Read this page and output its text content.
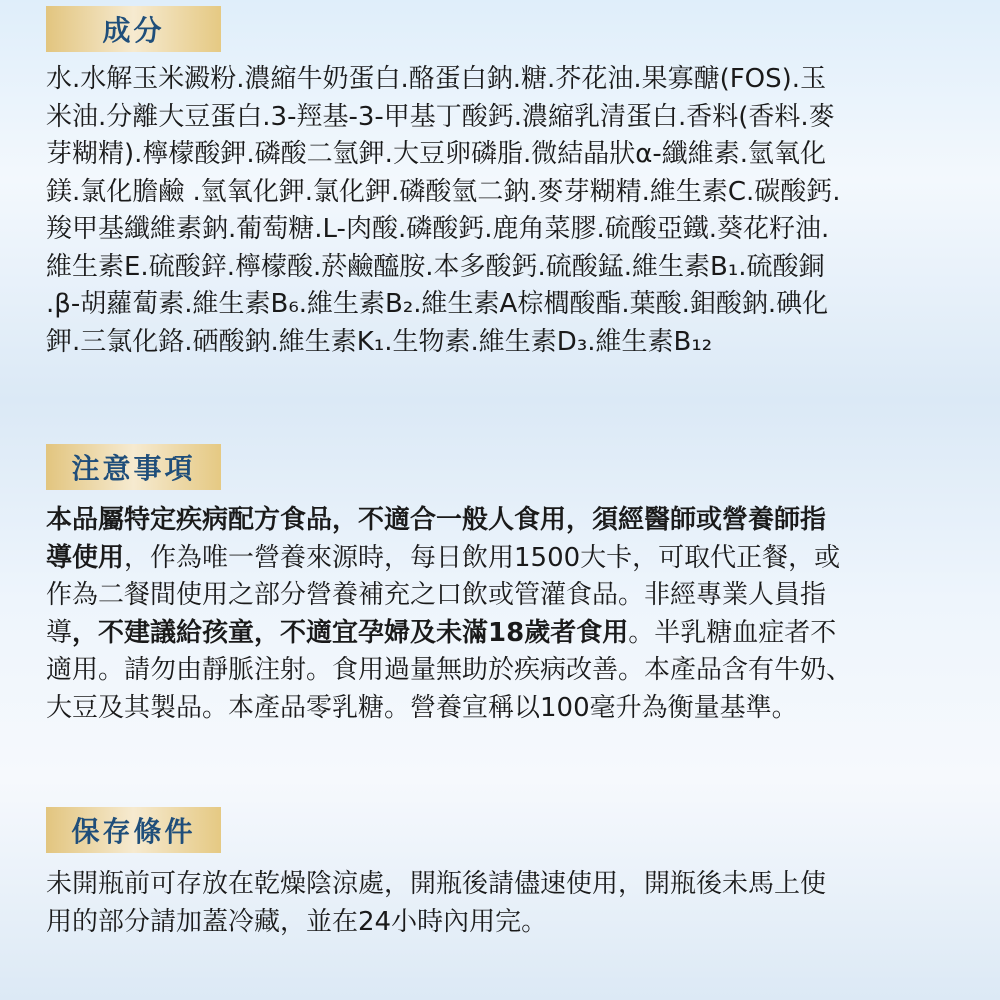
成分
水.水解玉米澱粉.濃縮牛奶蛋白.酪蛋白鈉.糖.芥花油.果寡醣(FOS).玉
米油.分離大豆蛋白.3-羥基-3-甲基丁酸鈣.濃縮乳清蛋白.香料(香料.麥
芽糊精).檸檬酸鉀.磷酸二氫鉀.大豆卵磷脂.微結晶狀α-纖維素.氫氧化
鎂.氯化膽鹼 .氫氧化鉀.氯化鉀.磷酸氫二鈉.麥芽糊精.維生素C.碳酸鈣.
羧甲基纖維素鈉.葡萄糖.L-肉酸.磷酸鈣.鹿角菜膠.硫酸亞鐵.葵花籽油.
維生素E.硫酸鋅.檸檬酸.菸鹼醯胺.本多酸鈣.硫酸錳.維生素B₁.硫酸銅
.β-胡蘿蔔素.維生素B₆.維生素B₂.維生素A棕櫚酸酯.葉酸.鉬酸鈉.碘化
鉀.三氯化鉻.硒酸鈉.維生素K₁.生物素.維生素D₃.維生素B₁₂
注意事項
本品屬特定疾病配方食品，不適合一般人食用，須經醫師或營養師指
導使用，作為唯一營養來源時，每日飲用1500大卡，可取代正餐，或
作為二餐間使用之部分營養補充之口飲或管灌食品。非經專業人員指
導，不建議給孩童，不適宜孕婦及未滿18歲者食用。半乳糖血症者不
適用。請勿由靜脈注射。食用過量無助於疾病改善。本產品含有牛奶、
大豆及其製品。本產品零乳糖。營養宣稱以100毫升為衡量基準。
保存條件
未開瓶前可存放在乾燥陰涼處，開瓶後請儘速使用，開瓶後未馬上使
用的部分請加蓋冷藏，並在24小時內用完。
